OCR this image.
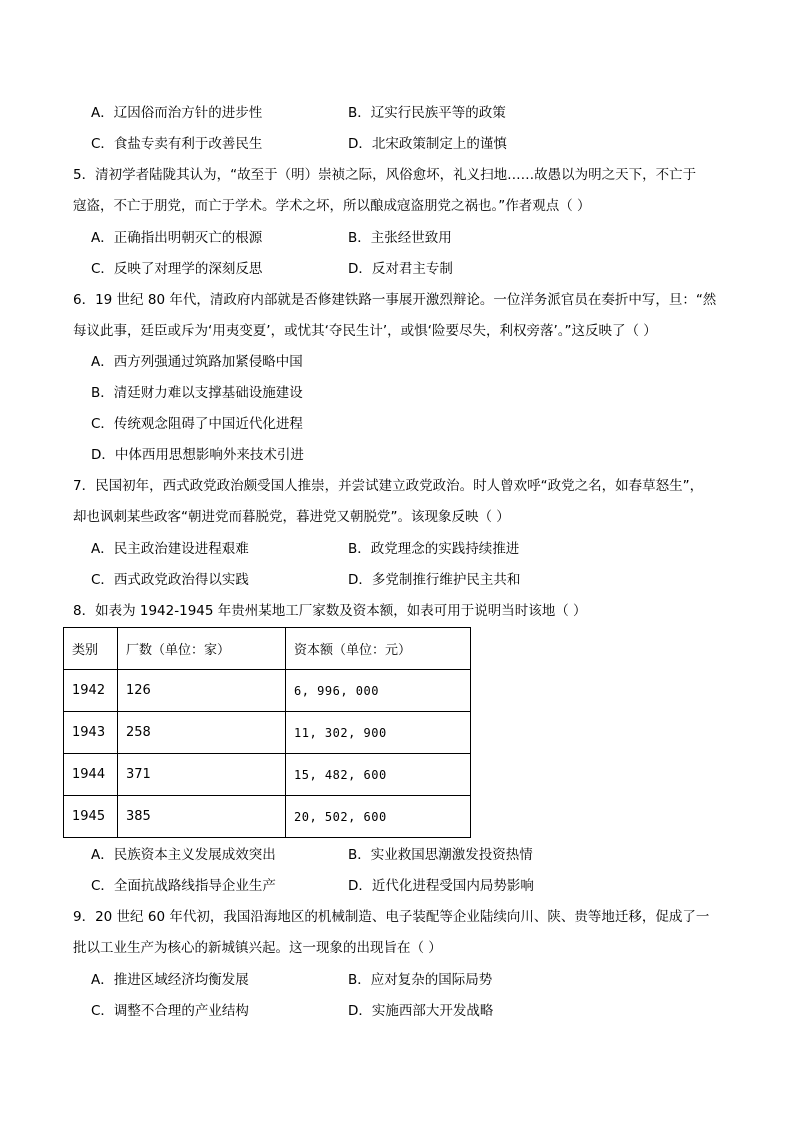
A．辽因俗而治方针的进步性	B．辽实行民族平等的政策
C．食盐专卖有利于改善民生	D．北宋政策制定上的谨慎
5．清初学者陆陇其认为，“故至于（明）崇祯之际，风俗愈坏，礼义扫地……故愚以为明之天下，不亡于
寇盗，不亡于朋党，而亡于学术。学术之坏，所以酿成寇盗朋党之祸也。”作者观点（ ）
A．正确指出明朝灭亡的根源	B．主张经世致用
C．反映了对理学的深刻反思	D．反对君主专制
6．19 世纪 80 年代，清政府内部就是否修建铁路一事展开激烈辩论。一位洋务派官员在奏折中写，旦：“然
每议此事，廷臣或斥为‘用夷变夏’，或忧其‘夺民生计’，或惧‘险要尽失，利权旁落’。”这反映了（ ）
A．西方列强通过筑路加紧侵略中国
B．清廷财力难以支撑基础设施建设
C．传统观念阻碍了中国近代化进程
D．中体西用思想影响外来技术引进
7．民国初年，西式政党政治颇受国人推崇，并尝试建立政党政治。时人曾欢呼“政党之名，如春草怒生”，
却也讽刺某些政客“朝进党而暮脱党，暮进党又朝脱党”。该现象反映（ ）
A．民主政治建设进程艰难	B．政党理念的实践持续推进
C．西式政党政治得以实践	D．多党制推行维护民主共和
8．如表为 1942-1945 年贵州某地工厂家数及资本额，如表可用于说明当时该地（ ）
类别	厂数（单位：家）	资本额（单位：元）
1942	126	6, 996, 000
1943	258	11, 302, 900
1944	371	15, 482, 600
1945	385	20, 502, 600
A．民族资本主义发展成效突出	B．实业救国思潮激发投资热情
C．全面抗战路线指导企业生产	D．近代化进程受国内局势影响
9．20 世纪 60 年代初，我国沿海地区的机械制造、电子装配等企业陆续向川、陕、贵等地迁移，促成了一
批以工业生产为核心的新城镇兴起。这一现象的出现旨在（ ）
A．推进区域经济均衡发展	B．应对复杂的国际局势
C．调整不合理的产业结构	D．实施西部大开发战略
